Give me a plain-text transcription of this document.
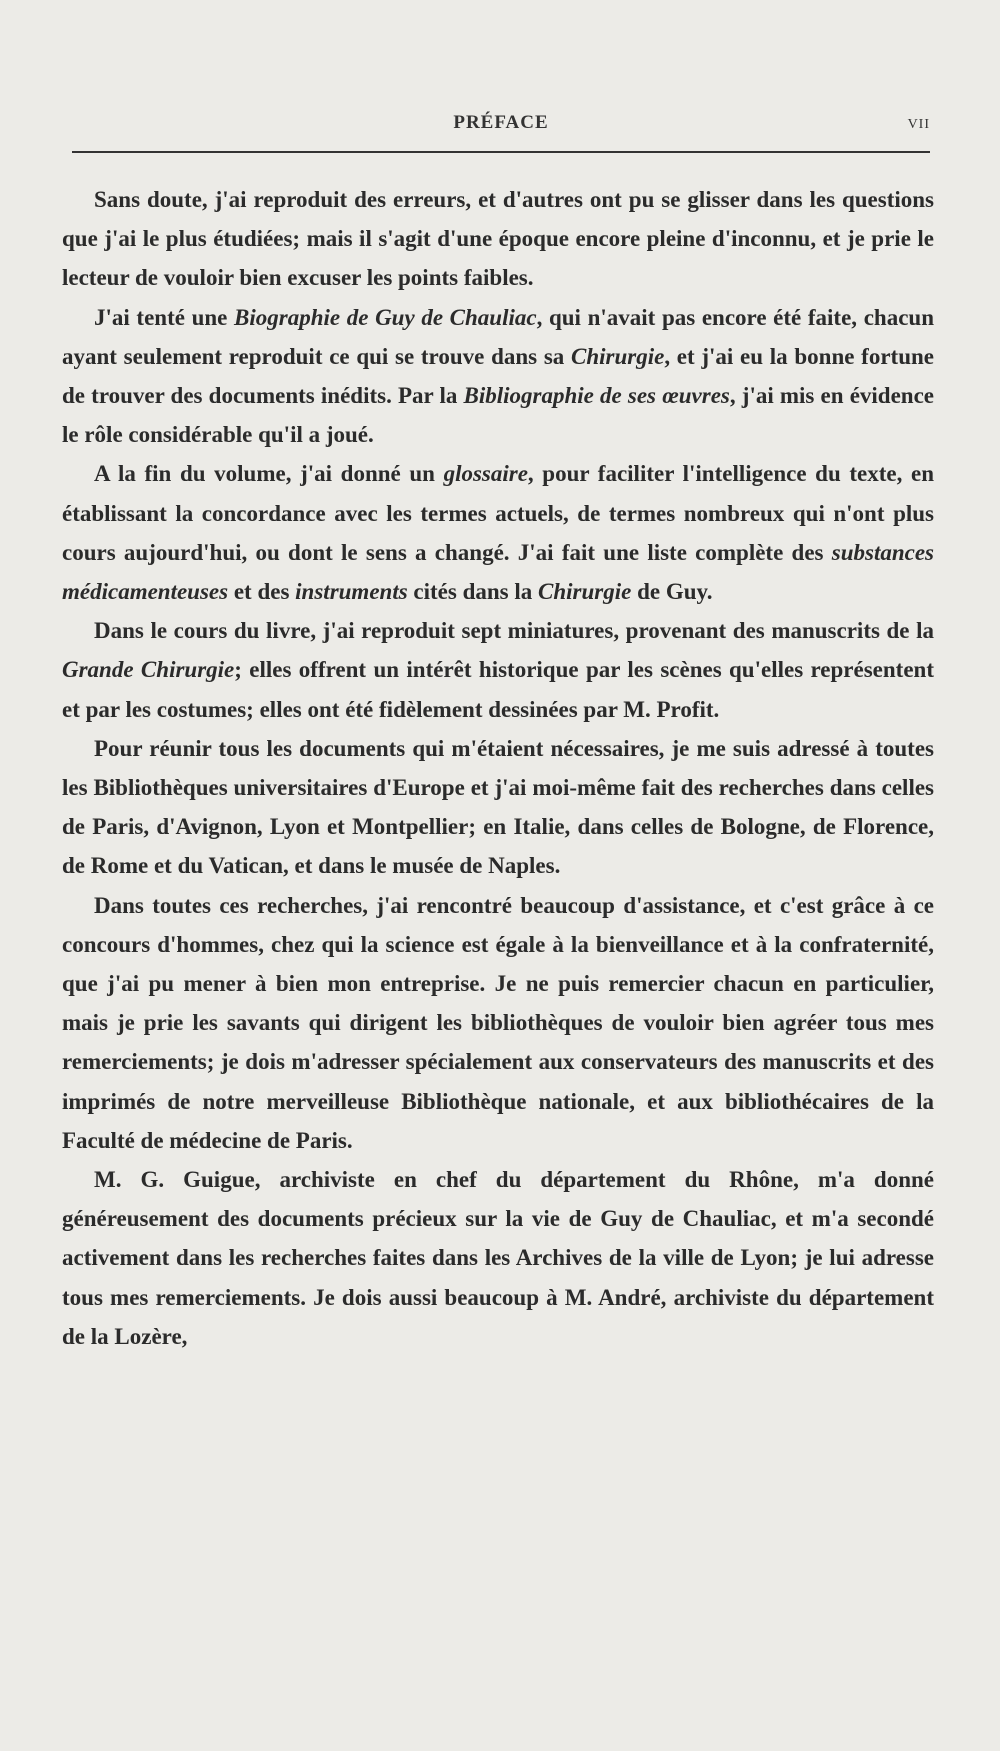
PRÉFACE	VII

Sans doute, j'ai reproduit des erreurs, et d'autres ont pu se glisser dans les questions que j'ai le plus étudiées; mais il s'agit d'une époque encore pleine d'inconnu, et je prie le lecteur de vouloir bien excuser les points faibles.

J'ai tenté une Biographie de Guy de Chauliac, qui n'avait pas encore été faite, chacun ayant seulement reproduit ce qui se trouve dans sa Chirurgie, et j'ai eu la bonne fortune de trouver des documents inédits. Par la Bibliographie de ses œuvres, j'ai mis en évidence le rôle considérable qu'il a joué.

A la fin du volume, j'ai donné un glossaire, pour faciliter l'intelligence du texte, en établissant la concordance avec les termes actuels, de termes nombreux qui n'ont plus cours aujourd'hui, ou dont le sens a changé. J'ai fait une liste complète des substances médicamenteuses et des instruments cités dans la Chirurgie de Guy.

Dans le cours du livre, j'ai reproduit sept miniatures, provenant des manuscrits de la Grande Chirurgie; elles offrent un intérêt historique par les scènes qu'elles représentent et par les costumes; elles ont été fidèlement dessinées par M. Profit.

Pour réunir tous les documents qui m'étaient nécessaires, je me suis adressé à toutes les Bibliothèques universitaires d'Europe et j'ai moi-même fait des recherches dans celles de Paris, d'Avignon, Lyon et Montpellier; en Italie, dans celles de Bologne, de Florence, de Rome et du Vatican, et dans le musée de Naples.

Dans toutes ces recherches, j'ai rencontré beaucoup d'assistance, et c'est grâce à ce concours d'hommes, chez qui la science est égale à la bienveillance et à la confraternité, que j'ai pu mener à bien mon entreprise. Je ne puis remercier chacun en particulier, mais je prie les savants qui dirigent les bibliothèques de vouloir bien agréer tous mes remerciements; je dois m'adresser spécialement aux conservateurs des manuscrits et des imprimés de notre merveilleuse Bibliothèque nationale, et aux bibliothécaires de la Faculté de médecine de Paris.

M. G. Guigue, archiviste en chef du département du Rhône, m'a donné généreusement des documents précieux sur la vie de Guy de Chauliac, et m'a secondé activement dans les recherches faites dans les Archives de la ville de Lyon; je lui adresse tous mes remerciements. Je dois aussi beaucoup à M. André, archiviste du département de la Lozère,
